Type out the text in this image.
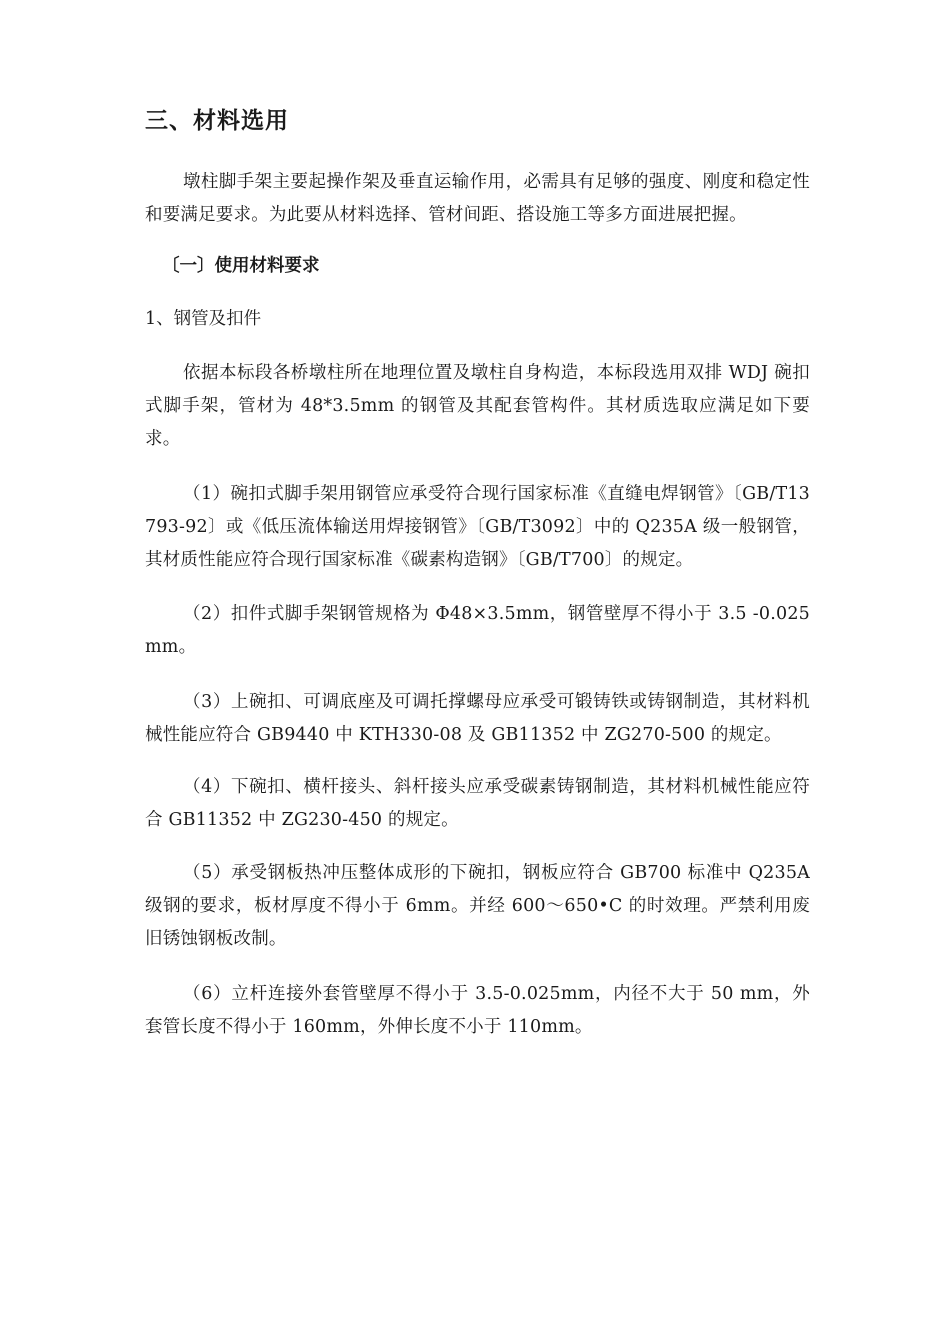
三、材料选用
墩柱脚手架主要起操作架及垂直运输作用，必需具有足够的强度、刚度和稳定性和要满足要求。为此要从材料选择、管材间距、搭设施工等多方面进展把握。
〔一〕使用材料要求
1、钢管及扣件
依据本标段各桥墩柱所在地理位置及墩柱自身构造，本标段选用双排 WDJ 碗扣式脚手架，管材为 48*3.5mm 的钢管及其配套管构件。其材质选取应满足如下要求。
（1）碗扣式脚手架用钢管应承受符合现行国家标准《直缝电焊钢管》〔GB/T13793-92〕或《低压流体输送用焊接钢管》〔GB/T3092〕中的 Q235A 级一般钢管，其材质性能应符合现行国家标准《碳素构造钢》〔GB/T700〕的规定。
（2）扣件式脚手架钢管规格为 Φ48×3.5mm，钢管壁厚不得小于 3.5 -0.025mm。
（3）上碗扣、可调底座及可调托撑螺母应承受可锻铸铁或铸钢制造，其材料机械性能应符合 GB9440 中 KTH330-08 及 GB11352 中 ZG270-500 的规定。
（4）下碗扣、横杆接头、斜杆接头应承受碳素铸钢制造，其材料机械性能应符合 GB11352 中 ZG230-450 的规定。
（5）承受钢板热冲压整体成形的下碗扣，钢板应符合 GB700 标准中 Q235A 级钢的要求，板材厚度不得小于 6mm。并经 600～650•C 的时效理。严禁利用废旧锈蚀钢板改制。
（6）立杆连接外套管壁厚不得小于 3.5-0.025mm，内径不大于 50 mm，外套管长度不得小于 160mm，外伸长度不小于 110mm。
